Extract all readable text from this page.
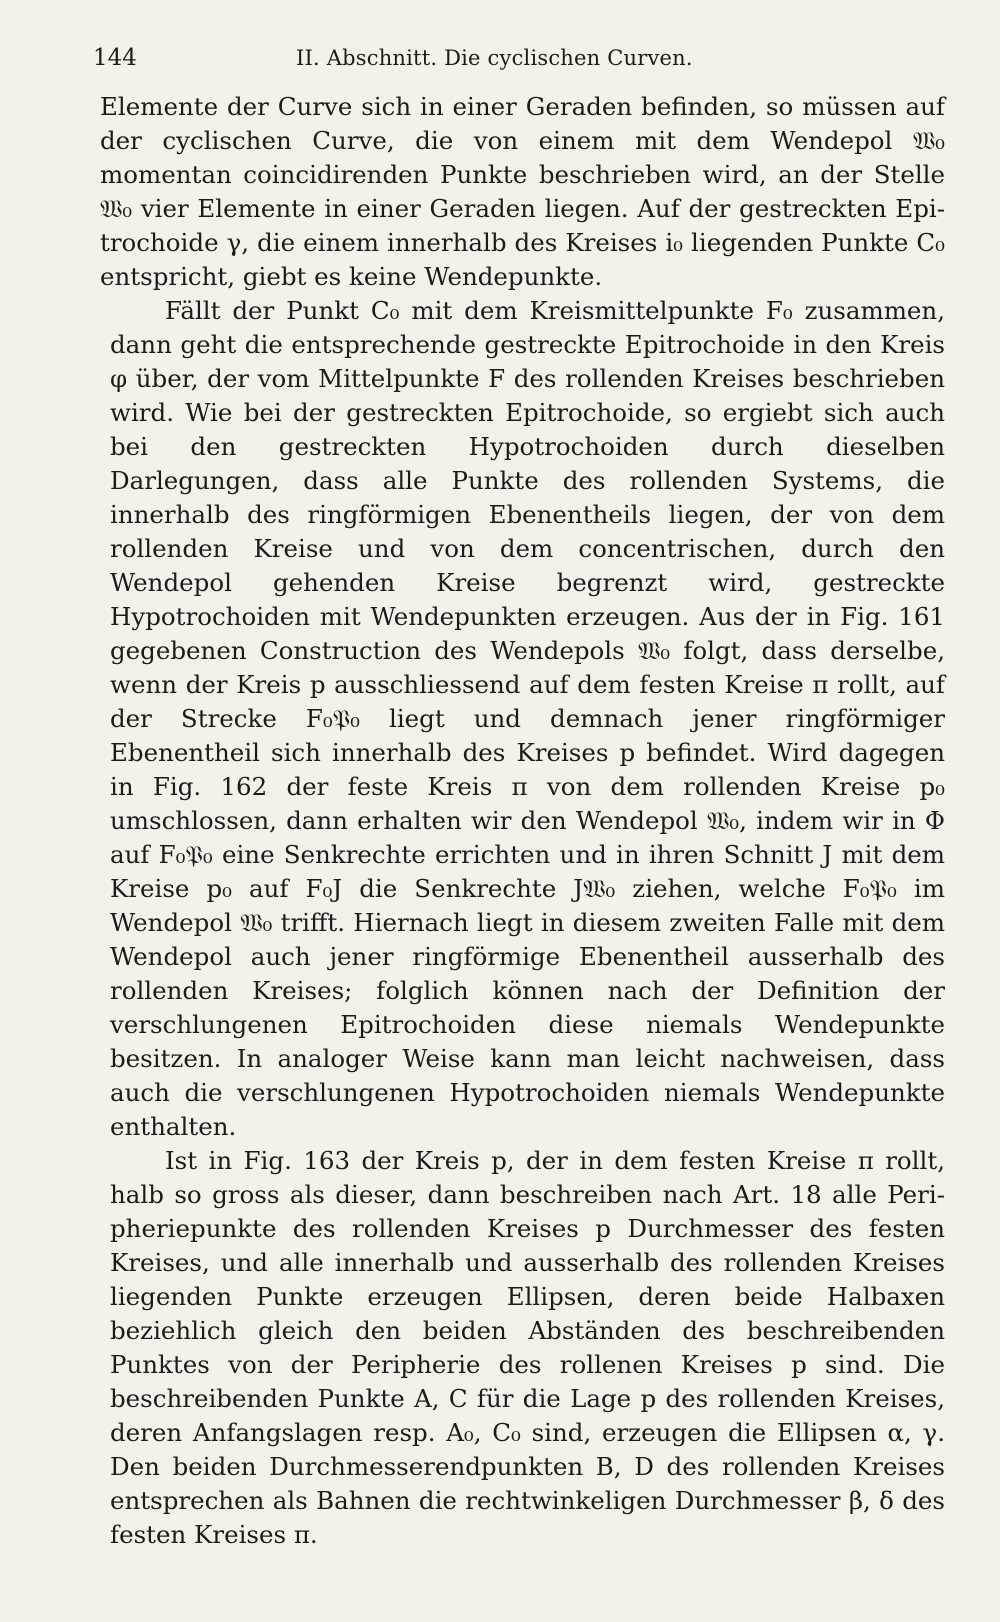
144	II. Abschnitt. Die cyclischen Curven.

Elemente der Curve sich in einer Geraden befinden, so müssen auf der cyclischen Curve, die von einem mit dem Wendepol 𝔚₀ momentan coincidirenden Punkte beschrieben wird, an der Stelle 𝔚₀ vier Elemente in einer Geraden liegen. Auf der gestreckten Epitrochoide γ, die einem innerhalb des Kreises i₀ liegenden Punkte C₀ entspricht, giebt es keine Wendepunkte.

Fällt der Punkt C₀ mit dem Kreismittelpunkte F₀ zusammen, dann geht die entsprechende gestreckte Epitrochoide in den Kreis φ über, der vom Mittelpunkte F des rollenden Kreises beschrieben wird. Wie bei der gestreckten Epitrochoide, so ergiebt sich auch bei den gestreckten Hypotrochoiden durch dieselben Darlegungen, dass alle Punkte des rollenden Systems, die innerhalb des ringförmigen Ebenentheils liegen, der von dem rollenden Kreise und von dem concentrischen, durch den Wendepol gehenden Kreise begrenzt wird, gestreckte Hypotrochoiden mit Wendepunkten erzeugen. Aus der in Fig. 161 gegebenen Construction des Wendepols 𝔚₀ folgt, dass derselbe, wenn der Kreis p ausschliessend auf dem festen Kreise π rollt, auf der Strecke F₀𝔓₀ liegt und demnach jener ringförmiger Ebenentheil sich innerhalb des Kreises p befindet. Wird dagegen in Fig. 162 der feste Kreis π von dem rollenden Kreise p₀ umschlossen, dann erhalten wir den Wendepol 𝔚₀, indem wir in Φ auf F₀𝔓₀ eine Senkrechte errichten und in ihren Schnitt J mit dem Kreise p₀ auf F₀J die Senkrechte J𝔚₀ ziehen, welche F₀𝔓₀ im Wendepol 𝔚₀ trifft. Hiernach liegt in diesem zweiten Falle mit dem Wendepol auch jener ringförmige Ebenentheil ausserhalb des rollenden Kreises; folglich können nach der Definition der verschlungenen Epitrochoiden diese niemals Wendepunkte besitzen. In analoger Weise kann man leicht nachweisen, dass auch die verschlungenen Hypotrochoiden niemals Wendepunkte enthalten.

Ist in Fig. 163 der Kreis p, der in dem festen Kreise π rollt, halb so gross als dieser, dann beschreiben nach Art. 18 alle Peripheriepunkte des rollenden Kreises p Durchmesser des festen Kreises, und alle innerhalb und ausserhalb des rollenden Kreises liegenden Punkte erzeugen Ellipsen, deren beide Halbaxen beziehlich gleich den beiden Abständen des beschreibenden Punktes von der Peripherie des rollenen Kreises p sind. Die beschreibenden Punkte A, C für die Lage p des rollenden Kreises, deren Anfangslagen resp. A₀, C₀ sind, erzeugen die Ellipsen α, γ. Den beiden Durchmesserendpunkten B, D des rollenden Kreises entsprechen als Bahnen die rechtwinkeligen Durchmesser β, δ des festen Kreises π.
